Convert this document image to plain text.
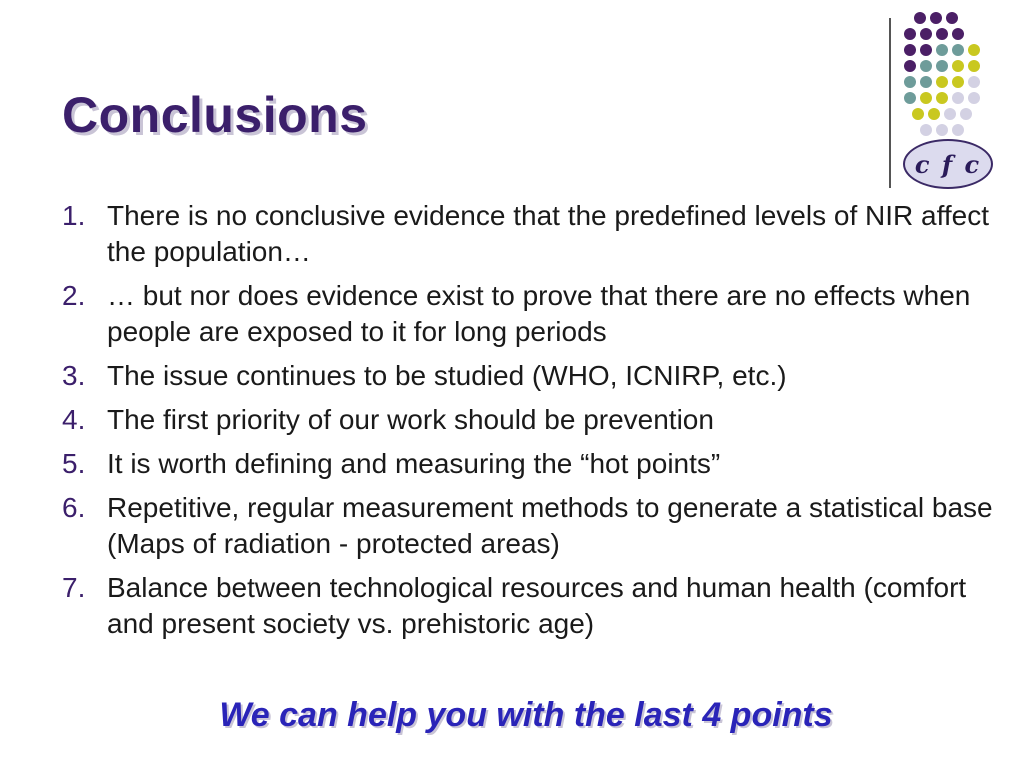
Conclusions
c f c
1. There is no conclusive evidence that the predefined levels of NIR affect the population…
2. … but nor does evidence exist to prove that there are no effects when people are exposed to it for long periods
3. The issue continues to be studied (WHO, ICNIRP, etc.)
4. The first priority of our work should be prevention
5. It is worth defining and measuring the “hot points”
6. Repetitive, regular measurement methods to generate a statistical base (Maps of radiation - protected areas)
7. Balance between technological resources and human health (comfort and present society vs. prehistoric age)
We can help you with the last 4 points
